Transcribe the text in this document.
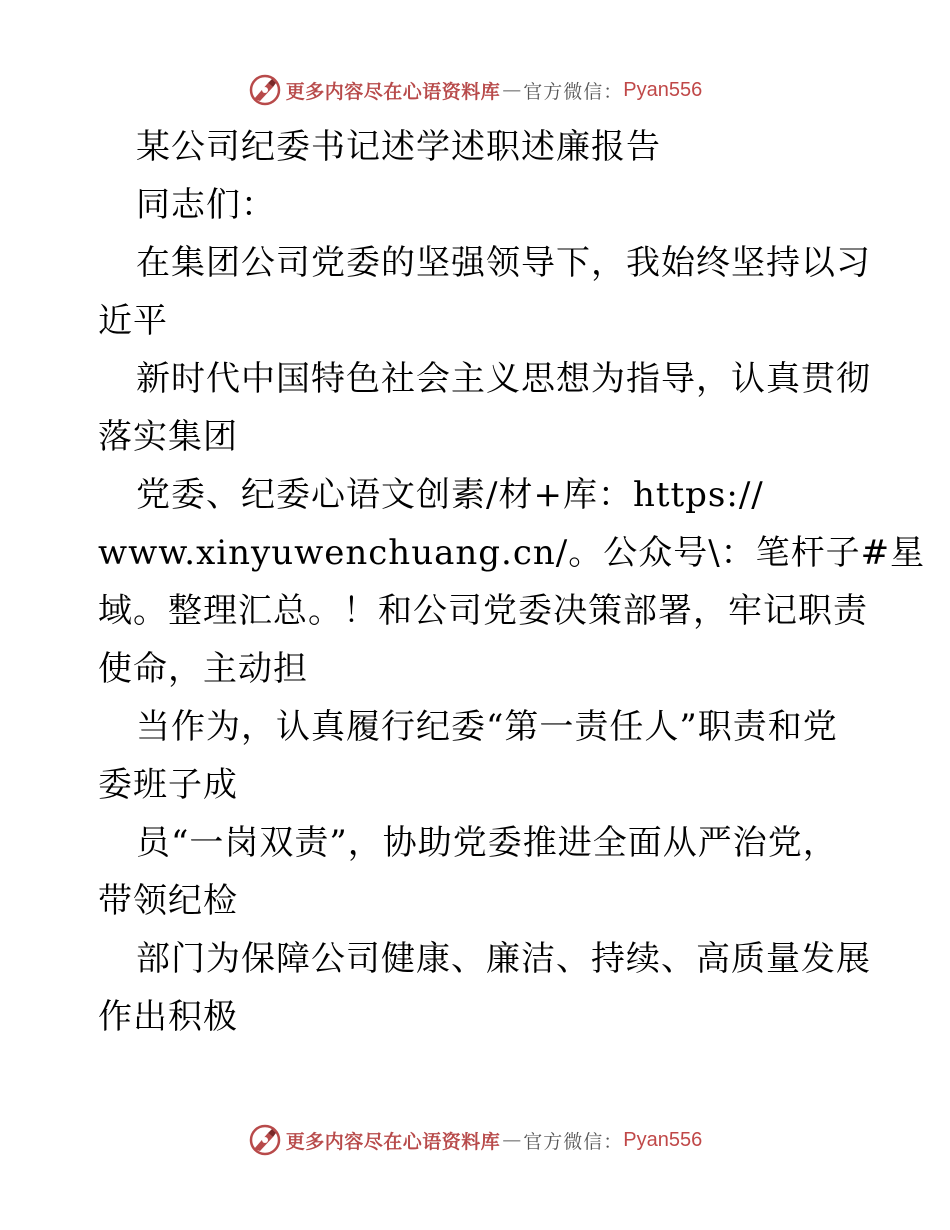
更多内容尽在心语资料库 — 官方微信： Pyan556
某公司纪委书记述学述职述廉报告
同志们：
在集团公司党委的坚强领导下，我始终坚持以习
近平
新时代中国特色社会主义思想为指导，认真贯彻
落实集团
党委、纪委心语文创素/材+库：https://
www.xinyuwenchuang.cn/。公众号\：笔杆子#星
域。整理汇总。！和公司党委决策部署，牢记职责
使命，主动担
当作为，认真履行纪委“第一责任人”职责和党
委班子成
员“一岗双责”，协助党委推进全面从严治党，
带领纪检
部门为保障公司健康、廉洁、持续、高质量发展
作出积极
更多内容尽在心语资料库 — 官方微信： Pyan556
